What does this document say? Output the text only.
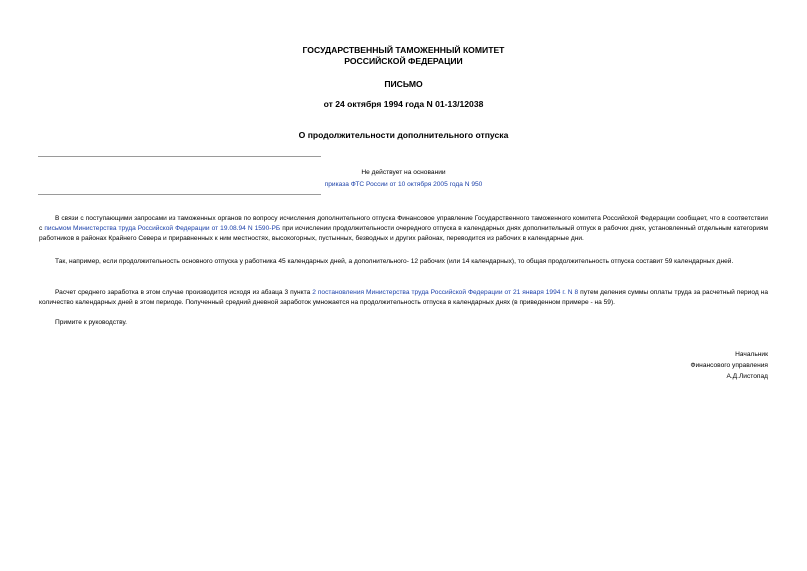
ГОСУДАРСТВЕННЫЙ ТАМОЖЕННЫЙ КОМИТЕТ
РОССИЙСКОЙ ФЕДЕРАЦИИ
ПИСЬМО
от 24 октября 1994 года N 01-13/12038
О продолжительности дополнительного отпуска
Не действует на основании
приказа ФТС России от 10 октября 2005 года N 950
В связи с поступающими запросами из таможенных органов по вопросу исчисления дополнительного отпуска Финансовое управление Государственного таможенного комитета Российской Федерации сообщает, что в соответствии с письмом Министерства труда Российской Федерации от 19.08.94 N 1590-РБ при исчислении продолжительности очередного отпуска в календарных днях дополнительный отпуск в рабочих днях, установленный отдельным категориям работников в районах Крайнего Севера и приравненных к ним местностях, высокогорных, пустынных, безводных и других районах, переводится из рабочих в календарные дни.
Так, например, если продолжительность основного отпуска у работника 45 календарных дней, а дополнительного- 12 рабочих (или 14 календарных), то общая продолжительность отпуска составит 59 календарных дней.
Расчет среднего заработка в этом случае производится исходя из абзаца 3 пункта 2 постановления Министерства труда Российской Федерации от 21 января 1994 г. N 8 путем деления суммы оплаты труда за расчетный период на количество календарных дней в этом периоде. Полученный средний дневной заработок умножается на продолжительность отпуска в календарных днях (в приведенном примере - на 59).
Примите к руководству.
Начальник
Финансового управления
А.Д.Листопад
